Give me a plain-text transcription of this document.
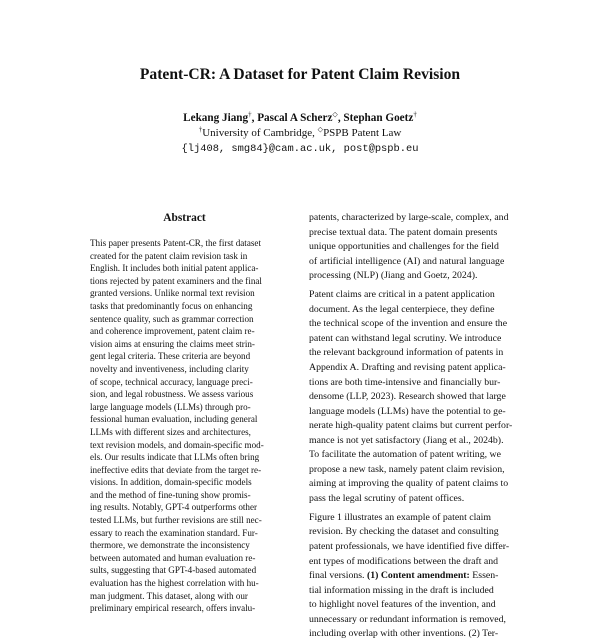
Patent-CR: A Dataset for Patent Claim Revision
Lekang Jiang†, Pascal A Scherz◇, Stephan Goetz†
†University of Cambridge, ◇PSPB Patent Law
{lj408, smg84}@cam.ac.uk, post@pspb.eu
Abstract
This paper presents Patent-CR, the first dataset
created for the patent claim revision task in
English. It includes both initial patent applica-
tions rejected by patent examiners and the final
granted versions. Unlike normal text revision
tasks that predominantly focus on enhancing
sentence quality, such as grammar correction
and coherence improvement, patent claim re-
vision aims at ensuring the claims meet strin-
gent legal criteria. These criteria are beyond
novelty and inventiveness, including clarity
of scope, technical accuracy, language preci-
sion, and legal robustness. We assess various
large language models (LLMs) through pro-
fessional human evaluation, including general
LLMs with different sizes and architectures,
text revision models, and domain-specific mod-
els. Our results indicate that LLMs often bring
ineffective edits that deviate from the target re-
visions. In addition, domain-specific models
and the method of fine-tuning show promis-
ing results. Notably, GPT-4 outperforms other
tested LLMs, but further revisions are still nec-
essary to reach the examination standard. Fur-
thermore, we demonstrate the inconsistency
between automated and human evaluation re-
sults, suggesting that GPT-4-based automated
evaluation has the highest correlation with hu-
man judgment. This dataset, along with our
preliminary empirical research, offers invalu-
patents, characterized by large-scale, complex, and
precise textual data. The patent domain presents
unique opportunities and challenges for the field
of artificial intelligence (AI) and natural language
processing (NLP) (Jiang and Goetz, 2024).
Patent claims are critical in a patent application
document. As the legal centerpiece, they define
the technical scope of the invention and ensure the
patent can withstand legal scrutiny. We introduce
the relevant background information of patents in
Appendix A. Drafting and revising patent applica-
tions are both time-intensive and financially bur-
densome (LLP, 2023). Research showed that large
language models (LLMs) have the potential to ge-
nerate high-quality patent claims but current perfor-
mance is not yet satisfactory (Jiang et al., 2024b).
To facilitate the automation of patent writing, we
propose a new task, namely patent claim revision,
aiming at improving the quality of patent claims to
pass the legal scrutiny of patent offices.
Figure 1 illustrates an example of patent claim
revision. By checking the dataset and consulting
patent professionals, we have identified five differ-
ent types of modifications between the draft and
final versions. (1) Content amendment: Essen-
tial information missing in the draft is included
to highlight novel features of the invention, and
unnecessary or redundant information is removed,
including overlap with other inventions. (2) Ter-
